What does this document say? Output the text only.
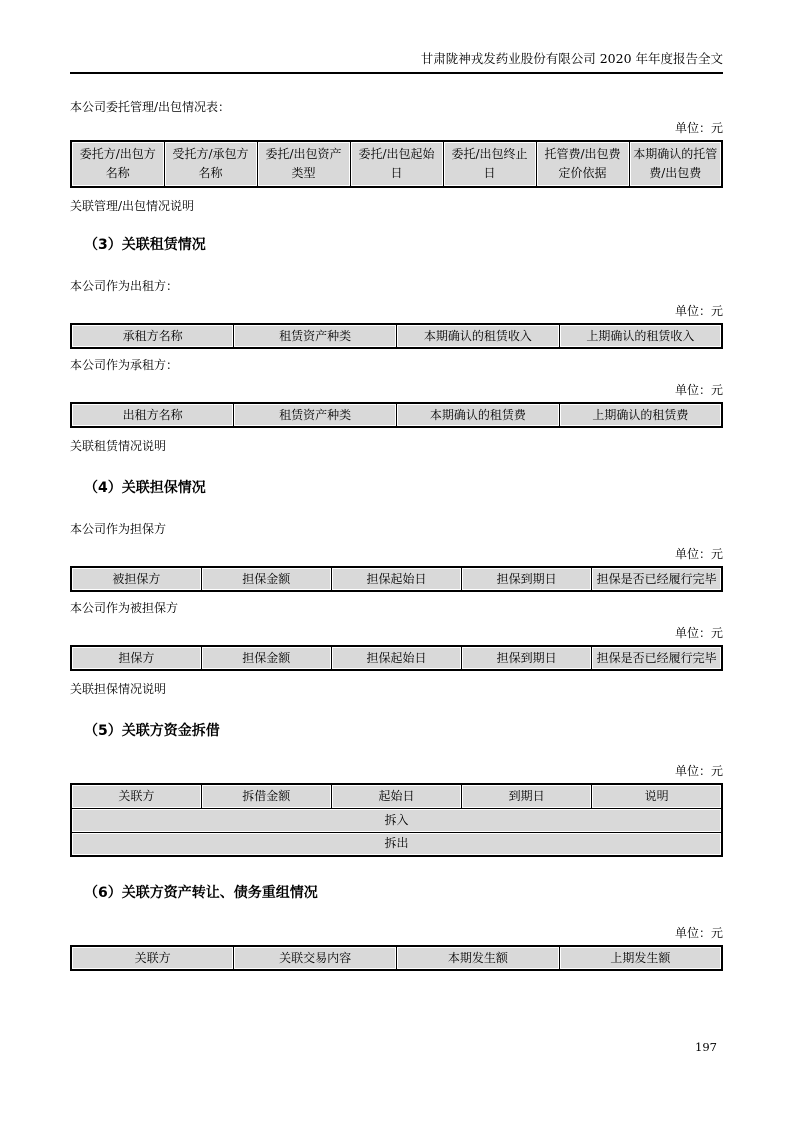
甘肃陇神戎发药业股份有限公司 2020 年年度报告全文

本公司委托管理/出包情况表：

单位：元

委托方/出包方名称	受托方/承包方名称	委托/出包资产类型	委托/出包起始日	委托/出包终止日	托管费/出包费定价依据	本期确认的托管费/出包费

关联管理/出包情况说明

（3）关联租赁情况

本公司作为出租方：

单位：元

承租方名称	租赁资产种类	本期确认的租赁收入	上期确认的租赁收入

本公司作为承租方：

单位：元

出租方名称	租赁资产种类	本期确认的租赁费	上期确认的租赁费

关联租赁情况说明

（4）关联担保情况

本公司作为担保方

单位：元

被担保方	担保金额	担保起始日	担保到期日	担保是否已经履行完毕

本公司作为被担保方

单位：元

担保方	担保金额	担保起始日	担保到期日	担保是否已经履行完毕

关联担保情况说明

（5）关联方资金拆借

单位：元

关联方	拆借金额	起始日	到期日	说明
拆入
拆出
（6）关联方资产转让、债务重组情况

单位：元

关联方	关联交易内容	本期发生额	上期发生额
197
